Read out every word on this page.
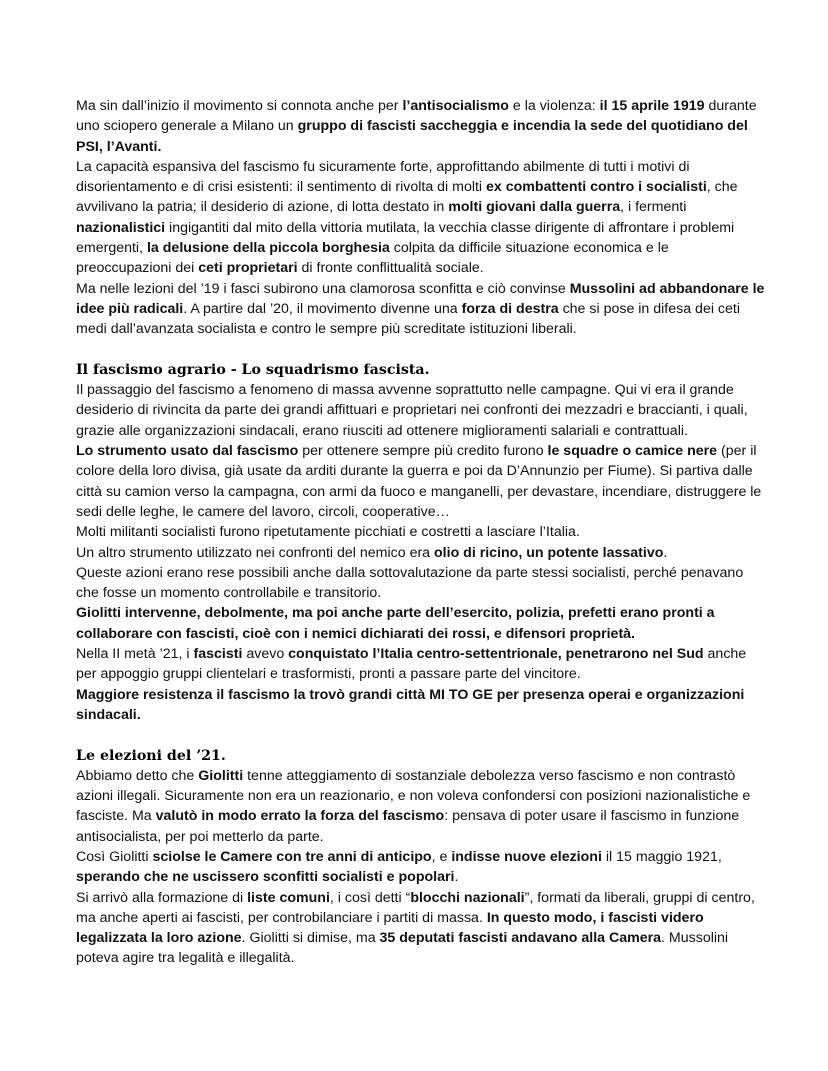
Ma sin dall’inizio il movimento si connota anche per l’antisocialismo e la violenza: il 15 aprile 1919 durante uno sciopero generale a Milano un gruppo di fascisti saccheggia e incendia la sede del quotidiano del PSI, l’Avanti.

La capacità espansiva del fascismo fu sicuramente forte, approfittando abilmente di tutti i motivi di disorientamento e di crisi esistenti: il sentimento di rivolta di molti ex combattenti contro i socialisti, che avvilivano la patria; il desiderio di azione, di lotta destato in molti giovani dalla guerra, i fermenti nazionalistici ingigantiti dal mito della vittoria mutilata, la vecchia classe dirigente di affrontare i problemi emergenti, la delusione della piccola borghesia colpita da difficile situazione economica e le preoccupazioni dei ceti proprietari di fronte conflittualità sociale.

Ma nelle lezioni del ’19 i fasci subirono una clamorosa sconfitta e ciò convinse Mussolini ad abbandonare le idee più radicali. A partire dal ’20, il movimento divenne una forza di destra che si pose in difesa dei ceti medi dall’avanzata socialista e contro le sempre più screditate istituzioni liberali.

Il fascismo agrario - Lo squadrismo fascista.

Il passaggio del fascismo a fenomeno di massa avvenne soprattutto nelle campagne. Qui vi era il grande desiderio di rivincita da parte dei grandi affittuari e proprietari nei confronti dei mezzadri e braccianti, i quali, grazie alle organizzazioni sindacali, erano riusciti ad ottenere miglioramenti salariali e contrattuali.

Lo strumento usato dal fascismo per ottenere sempre più credito furono le squadre o camice nere (per il colore della loro divisa, già usate da arditi durante la guerra e poi da D’Annunzio per Fiume). Si partiva dalle città su camion verso la campagna, con armi da fuoco e manganelli, per devastare, incendiare, distruggere le sedi delle leghe, le camere del lavoro, circoli, cooperative…

Molti militanti socialisti furono ripetutamente picchiati e costretti a lasciare l’Italia.

Un altro strumento utilizzato nei confronti del nemico era olio di ricino, un potente lassativo.

Queste azioni erano rese possibili anche dalla sottovalutazione da parte stessi socialisti, perché penavano che fosse un momento controllabile e transitorio.

Giolitti intervenne, debolmente, ma poi anche parte dell’esercito, polizia, prefetti erano pronti a collaborare con fascisti, cioè con i nemici dichiarati dei rossi, e difensori proprietà.

Nella II metà ’21, i fascisti avevo conquistato l’Italia centro-settentrionale, penetrarono nel Sud anche per appoggio gruppi clientelari e trasformisti, pronti a passare parte del vincitore.

Maggiore resistenza il fascismo la trovò grandi città MI TO GE per presenza operai e organizzazioni sindacali.

Le elezioni del ’21.

Abbiamo detto che Giolitti tenne atteggiamento di sostanziale debolezza verso fascismo e non contrastò azioni illegali. Sicuramente non era un reazionario, e non voleva confondersi con posizioni nazionalistiche e fasciste. Ma valutò in modo errato la forza del fascismo: pensava di poter usare il fascismo in funzione antisocialista, per poi metterlo da parte.

Così Giolitti sciolse le Camere con tre anni di anticipo, e indisse nuove elezioni il 15 maggio 1921, sperando che ne uscissero sconfitti socialisti e popolari.

Si arrivò alla formazione di liste comuni, i così detti “blocchi nazionali”, formati da liberali, gruppi di centro, ma anche aperti ai fascisti, per controbilanciare i partiti di massa. In questo modo, i fascisti videro legalizzata la loro azione. Giolitti si dimise, ma 35 deputati fascisti andavano alla Camera. Mussolini poteva agire tra legalità e illegalità.
